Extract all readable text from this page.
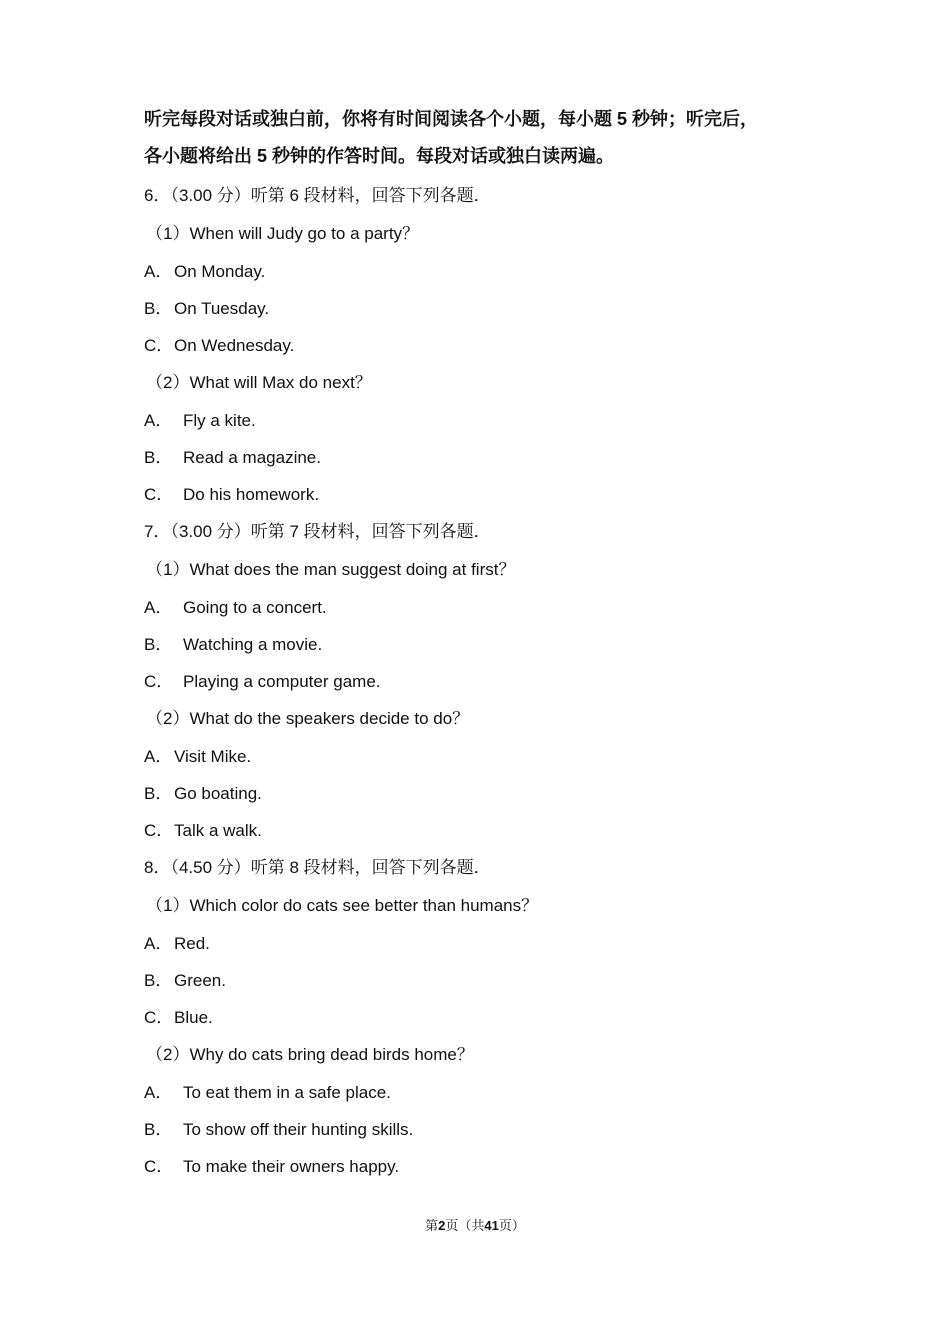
听完每段对话或独白前，你将有时间阅读各个小题，每小题 5 秒钟；听完后，
各小题将给出 5 秒钟的作答时间。每段对话或独白读两遍。
6．（3.00 分）听第 6 段材料，回答下列各题．
（1）When will Judy go to a party？
A．On Monday.
B．On Tuesday.
C．On Wednesday.
（2）What will Max do next？
A． Fly a kite.
B． Read a magazine.
C． Do his homework.
7．（3.00 分）听第 7 段材料，回答下列各题．
（1）What does the man suggest doing at first？
A． Going to a concert.
B． Watching a movie.
C． Playing a computer game.
（2）What do the speakers decide to do？
A．Visit Mike.
B．Go boating.
C．Talk a walk.
8．（4.50 分）听第 8 段材料，回答下列各题．
（1）Which color do cats see better than humans？
A．Red.
B．Green.
C．Blue.
（2）Why do cats bring dead birds home？
A． To eat them in a safe place.
B． To show off their hunting skills.
C． To make their owners happy.
第2页（共41页）
